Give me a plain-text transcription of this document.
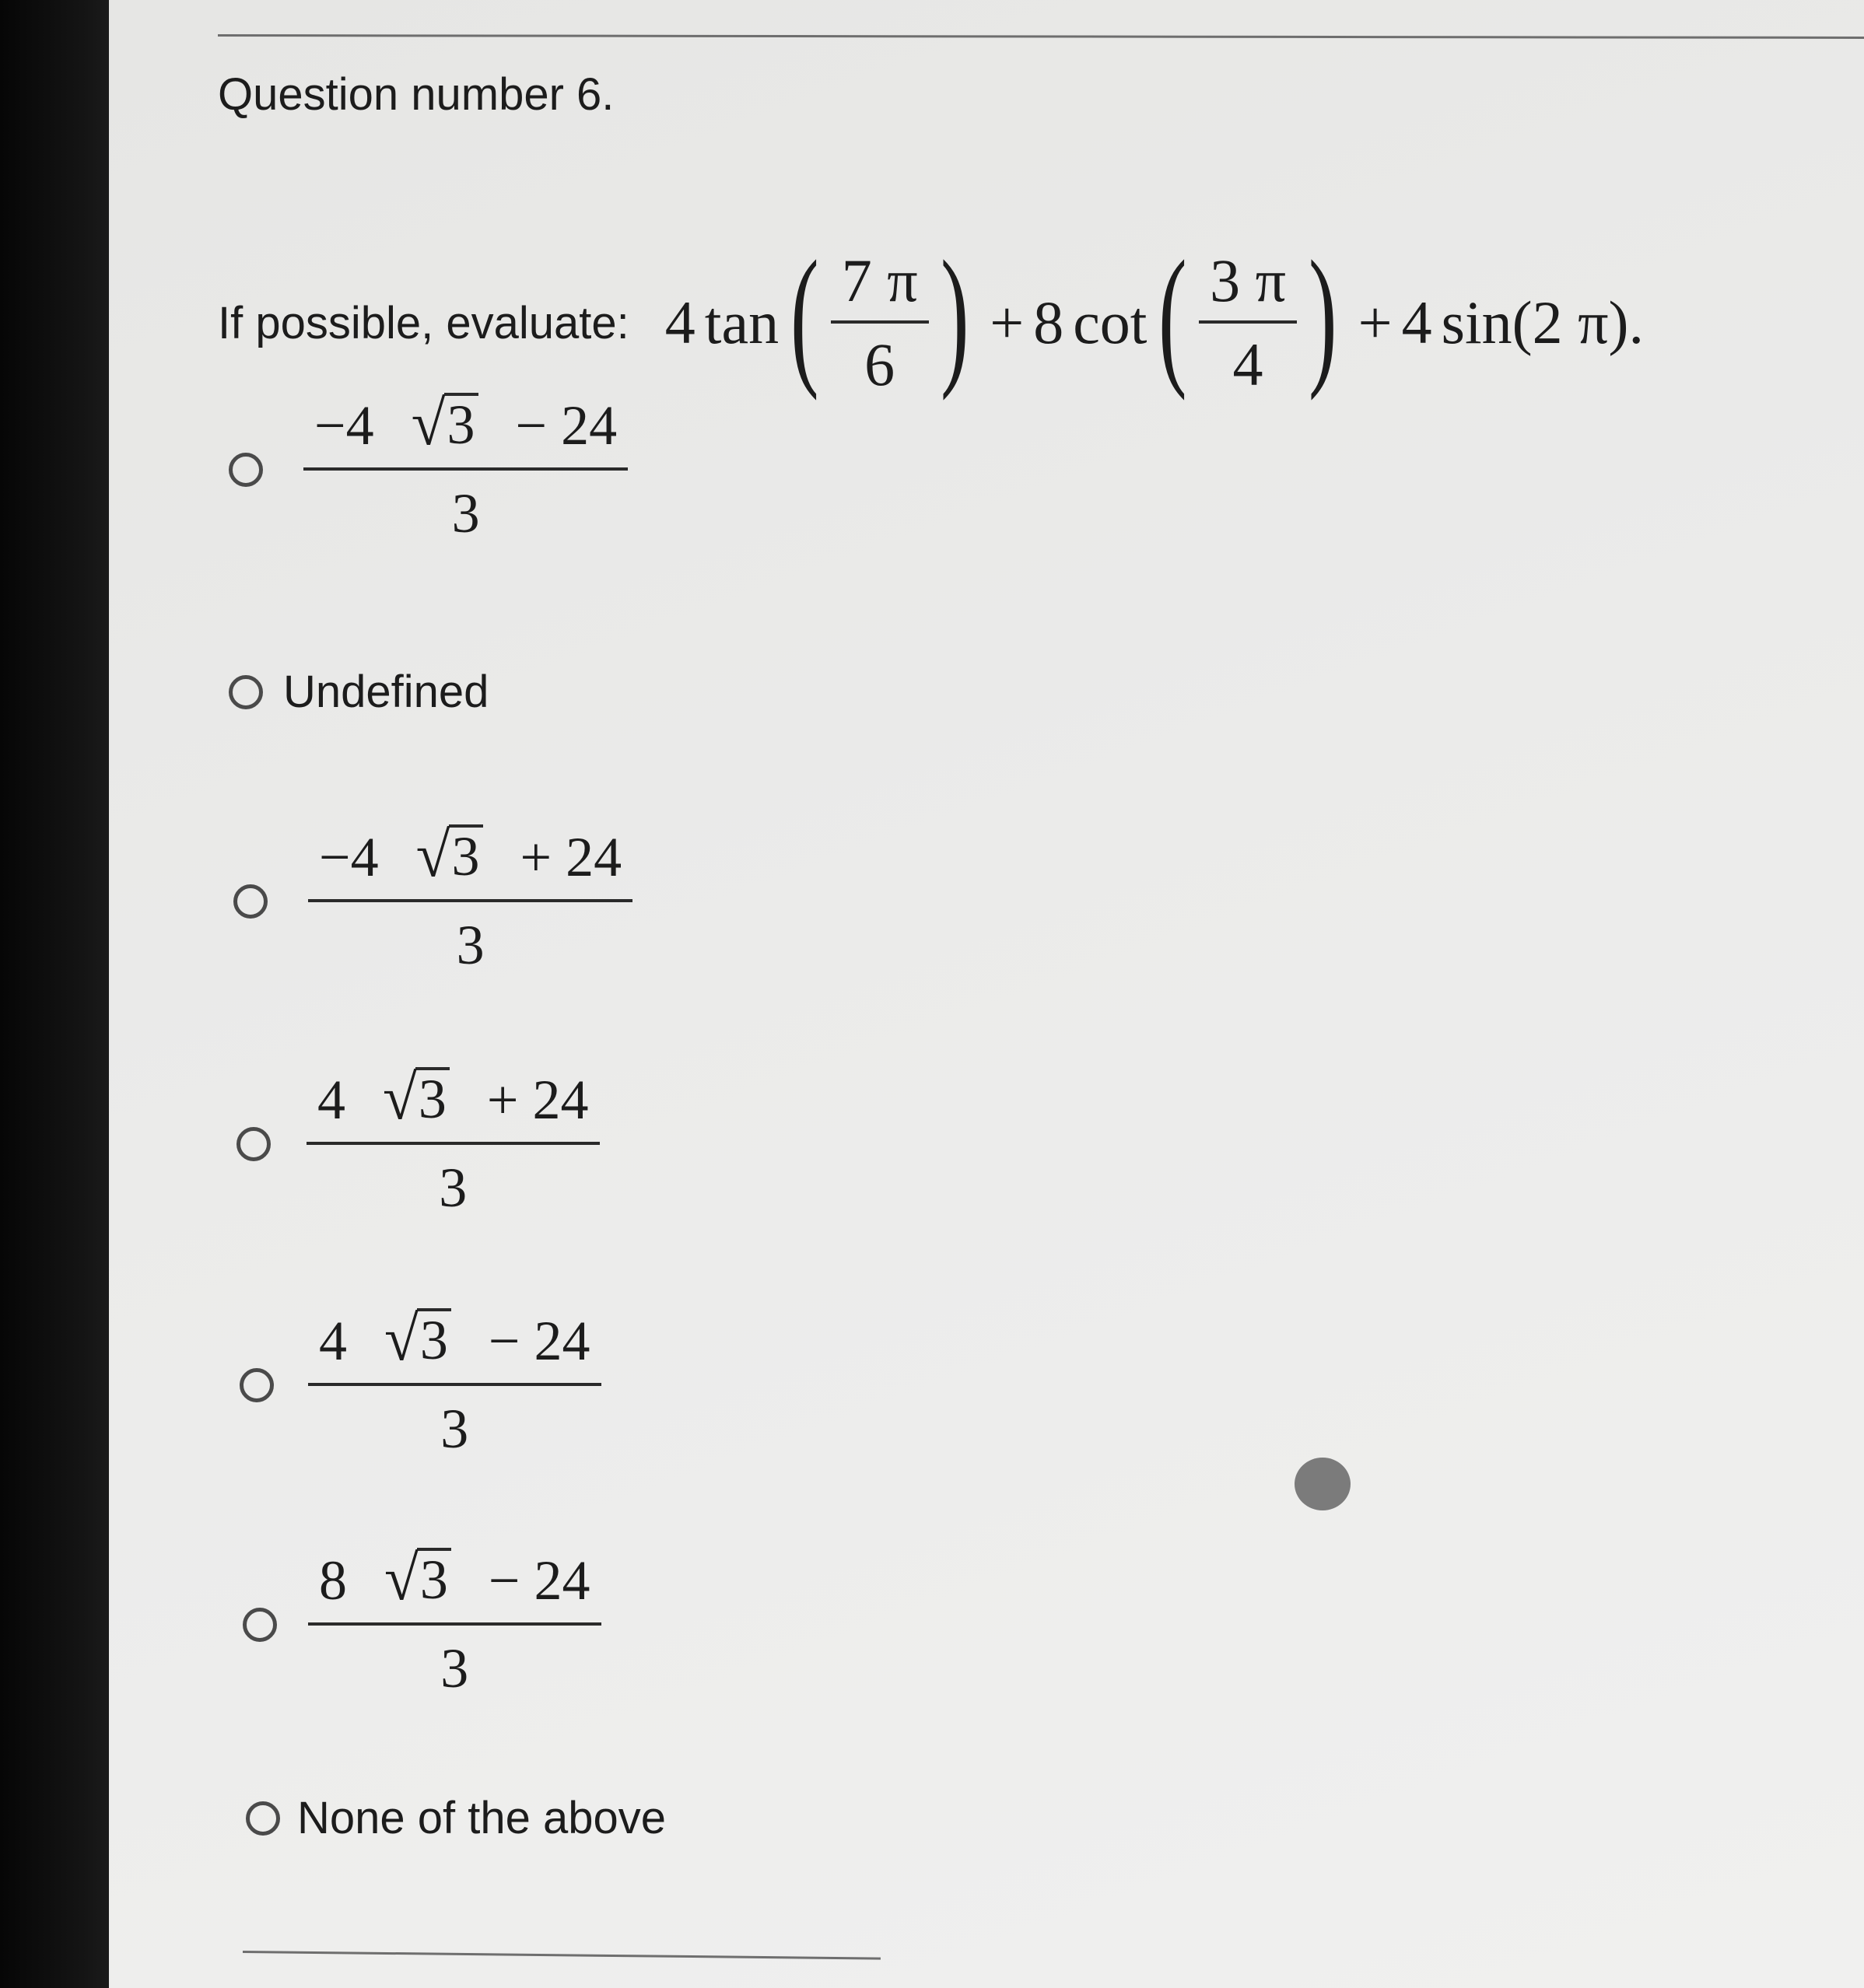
Question number 6.
If possible, evaluate: 4 tan ( $\frac{7 \pi}{6}$ ) + 8 cot ( $\frac{3 \pi}{4}$ ) + 4 sin(2 π) .
−4 √ 3 − 24
3
Undefined
−4 √ 3 + 24
3
$\frac{4 √ 3 + 24}{3}$
$\frac{4 √ 3 - 24}{3}$
$\frac{8 √ 3 - 24}{3}$
None of the above
